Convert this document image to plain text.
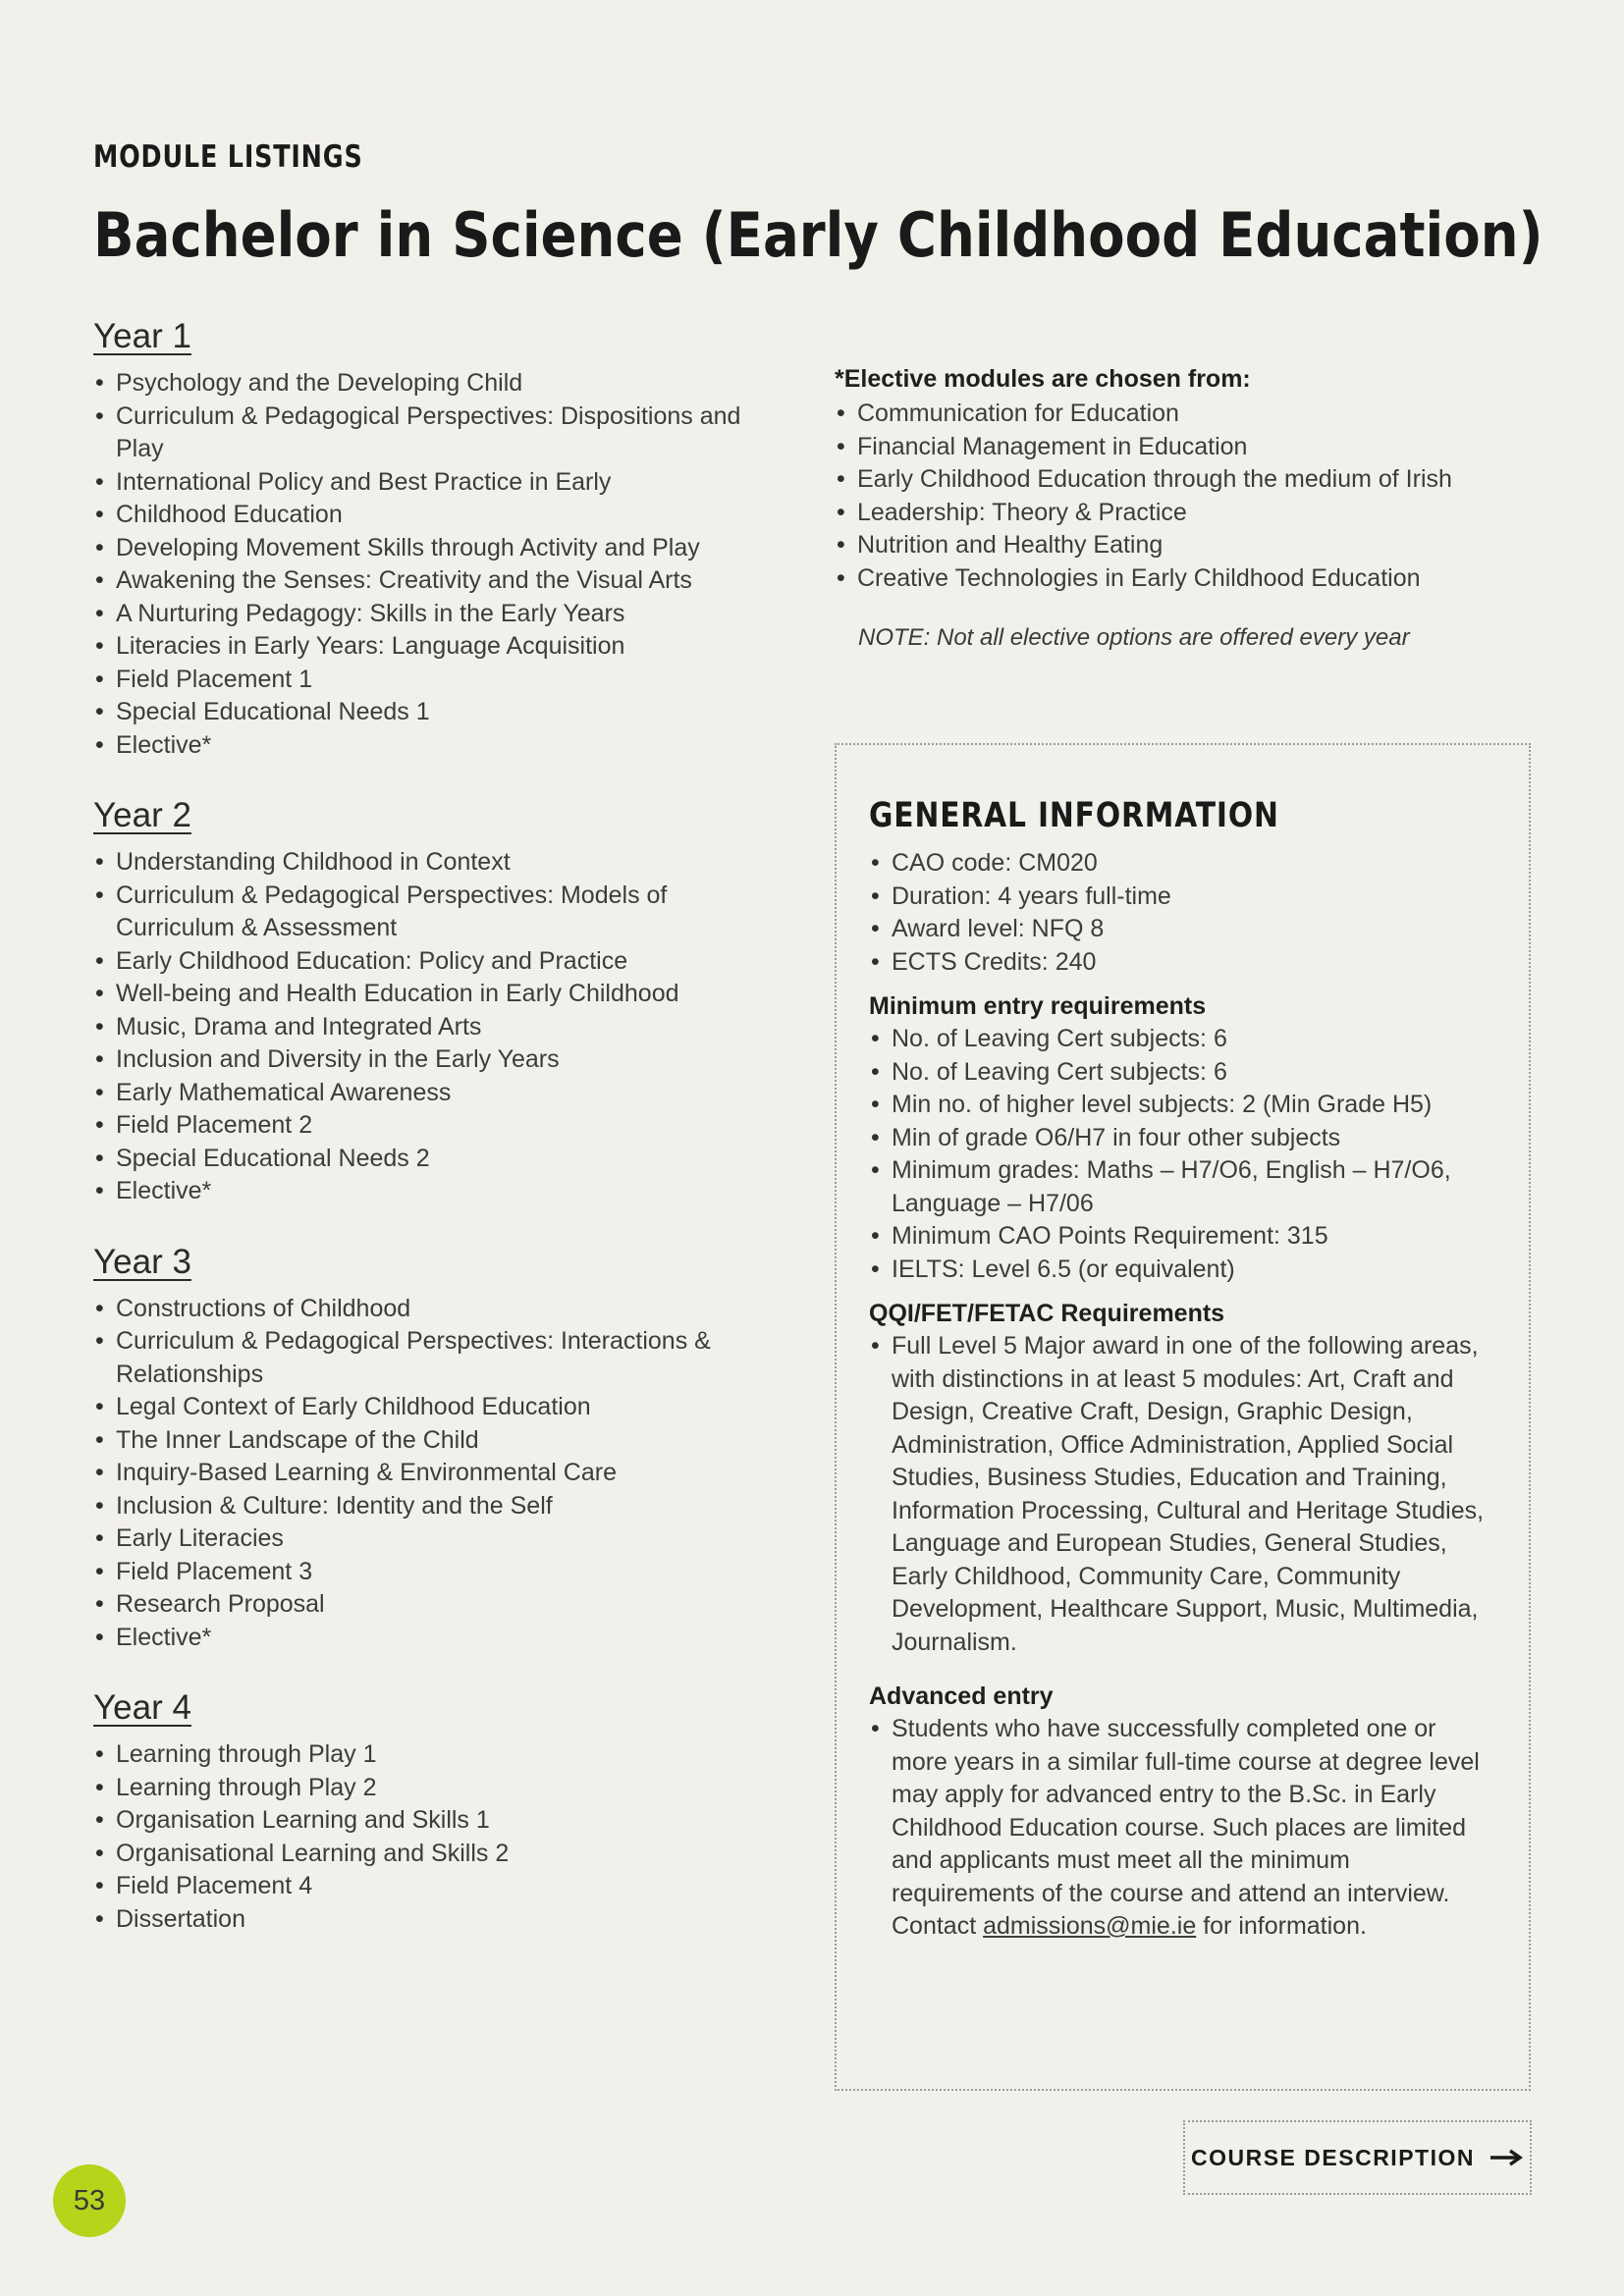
MODULE LISTINGS
Bachelor in Science (Early Childhood Education)
Year 1
• Psychology and the Developing Child
• Curriculum & Pedagogical Perspectives: Dispositions and Play
• International Policy and Best Practice in Early
• Childhood Education
• Developing Movement Skills through Activity and Play
• Awakening the Senses: Creativity and the Visual Arts
• A Nurturing Pedagogy: Skills in the Early Years
• Literacies in Early Years: Language Acquisition
• Field Placement 1
• Special Educational Needs 1
• Elective*
Year 2
• Understanding Childhood in Context
• Curriculum & Pedagogical Perspectives: Models of Curriculum & Assessment
• Early Childhood Education: Policy and Practice
• Well-being and Health Education in Early Childhood
• Music, Drama and Integrated Arts
• Inclusion and Diversity in the Early Years
• Early Mathematical Awareness
• Field Placement 2
• Special Educational Needs 2
• Elective*
Year 3
• Constructions of Childhood
• Curriculum & Pedagogical Perspectives: Interactions & Relationships
• Legal Context of Early Childhood Education
• The Inner Landscape of the Child
• Inquiry-Based Learning & Environmental Care
• Inclusion & Culture: Identity and the Self
• Early Literacies
• Field Placement 3
• Research Proposal
• Elective*
Year 4
• Learning through Play 1
• Learning through Play 2
• Organisation Learning and Skills 1
• Organisational Learning and Skills 2
• Field Placement 4
• Dissertation
*Elective modules are chosen from:
• Communication for Education
• Financial Management in Education
• Early Childhood Education through the medium of Irish
• Leadership: Theory & Practice
• Nutrition and Healthy Eating
• Creative Technologies in Early Childhood Education
NOTE: Not all elective options are offered every year
GENERAL INFORMATION
• CAO code: CM020
• Duration: 4 years full-time
• Award level: NFQ 8
• ECTS Credits: 240
Minimum entry requirements
• No. of Leaving Cert subjects: 6
• No. of Leaving Cert subjects: 6
• Min no. of higher level subjects: 2 (Min Grade H5)
• Min of grade O6/H7 in four other subjects
• Minimum grades: Maths – H7/O6, English – H7/O6, Language – H7/06
• Minimum CAO Points Requirement: 315
• IELTS: Level 6.5 (or equivalent)
QQI/FET/FETAC Requirements
• Full Level 5 Major award in one of the following areas, with distinctions in at least 5 modules: Art, Craft and Design, Creative Craft, Design, Graphic Design, Administration, Office Administration, Applied Social Studies, Business Studies, Education and Training, Information Processing, Cultural and Heritage Studies, Language and European Studies, General Studies, Early Childhood, Community Care, Community Development, Healthcare Support, Music, Multimedia, Journalism.
Advanced entry
• Students who have successfully completed one or more years in a similar full-time course at degree level may apply for advanced entry to the B.Sc. in Early Childhood Education course. Such places are limited and applicants must meet all the minimum requirements of the course and attend an interview. Contact admissions@mie.ie for information.
COURSE DESCRIPTION
53
